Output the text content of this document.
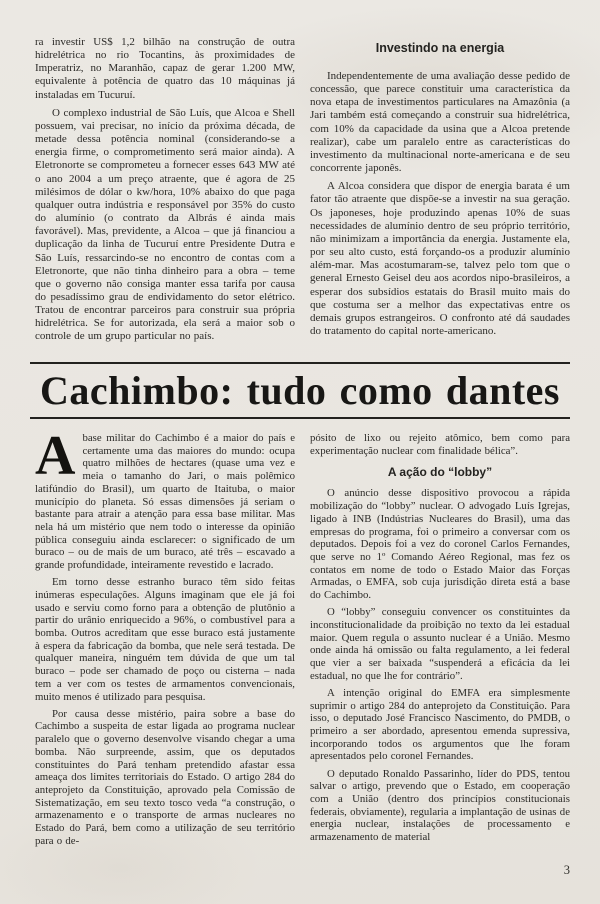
ra investir US$ 1,2 bilhão na construção de outra hidrelétrica no rio Tocantins, às proximidades de Imperatriz, no Maranhão, capaz de gerar 1.200 MW, equivalente à potência de quatro das 10 máquinas já instaladas em Tucuruí.

O complexo industrial de São Luís, que Alcoa e Shell possuem, vai precisar, no início da próxima década, de metade dessa potência nominal (considerando-se a energia firme, o comprometimento será maior ainda). A Eletronorte se comprometeu a fornecer esses 643 MW até o ano 2004 a um preço atraente, que é agora de 25 milésimos de dólar o kw/hora, 10% abaixo do que paga qualquer outra indústria e responsável por 35% do custo do alumínio (o contrato da Albrás é ainda mais favorável). Mas, previdente, a Alcoa – que já financiou a duplicação da linha de Tucuruí entre Presidente Dutra e São Luís, ressarcindo-se no encontro de contas com a Eletronorte, que não tinha dinheiro para a obra – teme que o governo não consiga manter essa tarifa por causa do pesadíssimo grau de endividamento do setor elétrico. Tratou de encontrar parceiros para construir sua própria hidrelétrica. Se for autorizada, ela será a maior sob o controle de um grupo particular no país.

Investindo na energia

Independentemente de uma avaliação desse pedido de concessão, que parece constituir uma característica da nova etapa de investimentos particulares na Amazônia (a Jari também está começando a construir sua hidrelétrica, com 10% da capacidade da usina que a Alcoa pretende realizar), cabe um paralelo entre as características do investimento da multinacional norte-americana e de seu concorrente japonês.

A Alcoa considera que dispor de energia barata é um fator tão atraente que dispõe-se a investir na sua geração. Os japoneses, hoje produzindo apenas 10% de suas necessidades de alumínio dentro de seu próprio território, não minimizam a importância da energia. Justamente ela, por seu alto custo, está forçando-os a produzir alumínio além-mar. Mas acostumaram-se, talvez pelo tom que o general Ernesto Geisel deu aos acordos nipo-brasileiros, a esperar dos subsídios estatais do Brasil muito mais do que costuma ser a melhor das expectativas entre os demais grupos estrangeiros. O confronto até dá saudades do tratamento do capital norte-americano.

Cachimbo: tudo como dantes

Abase militar do Cachimbo é a maior do país e certamente uma das maiores do mundo: ocupa quatro milhões de hectares (quase uma vez e meia o tamanho do Jari, o mais polêmico latifúndio do Brasil), um quarto de Itaituba, o maior município do planeta. Só essas dimensões já seriam o bastante para atrair a atenção para essa base militar. Mas nela há um mistério que nem todo o interesse da opinião pública conseguiu ainda esclarecer: o significado de um buraco – ou de mais de um buraco, até três – escavado a grande profundidade, inteiramente revestido e lacrado.

Em torno desse estranho buraco têm sido feitas inúmeras especulações. Alguns imaginam que ele já foi usado e serviu como forno para a obtenção de plutônio a partir do urânio enriquecido a 96%, o combustível para a bomba. Outros acreditam que esse buraco está justamente à espera da fabricação da bomba, que nele será testada. De qualquer maneira, ninguém tem dúvida de que um tal buraco – pode ser chamado de poço ou cisterna – nada tem a ver com os testes de armamentos convencionais, muito menos é utilizado para pesquisa.

Por causa desse mistério, paira sobre a base do Cachimbo a suspeita de estar ligada ao programa nuclear paralelo que o governo desenvolve visando chegar a uma bomba. Não surpreende, assim, que os deputados constituintes do Pará tenham pretendido afastar essa ameaça dos limites territoriais do Estado. O artigo 284 do anteprojeto da Constituição, aprovado pela Comissão de Sistematização, em seu texto tosco veda “a construção, o armazenamento e o transporte de armas nucleares no Estado do Pará, bem como a utilização de seu território para o de-

pósito de lixo ou rejeito atômico, bem como para experimentação nuclear com finalidade bélica”.

A ação do “lobby”

O anúncio desse dispositivo provocou a rápida mobilização do “lobby” nuclear. O advogado Luís Igrejas, ligado à INB (Indústrias Nucleares do Brasil), uma das empresas do programa, foi o primeiro a conversar com os deputados. Depois foi a vez do coronel Carlos Fernandes, que serve no 1º Comando Aéreo Regional, mas fez os contatos em nome de todo o Estado Maior das Forças Armadas, o EMFA, sob cuja jurisdição direta está a base do Cachimbo.

O “lobby” conseguiu convencer os constituintes da inconstitucionalidade da proibição no texto da lei estadual maior. Quem regula o assunto nuclear é a União. Mesmo onde ainda há omissão ou falta regulamento, a lei federal que vier a ser baixada “suspenderá a eficácia da lei estadual, no que lhe for contrário”.

A intenção original do EMFA era simplesmente suprimir o artigo 284 do anteprojeto da Constituição. Para isso, o deputado José Francisco Nascimento, do PMDB, o primeiro a ser abordado, apresentou emenda supressiva, incorporando todos os argumentos que lhe foram apresentados pelo coronel Fernandes.

O deputado Ronaldo Passarinho, líder do PDS, tentou salvar o artigo, prevendo que o Estado, em cooperação com a União (dentro dos princípios constitucionais federais, obviamente), regularia a implantação de usinas de energia nuclear, instalações de processamento e armazenamento de material

3
